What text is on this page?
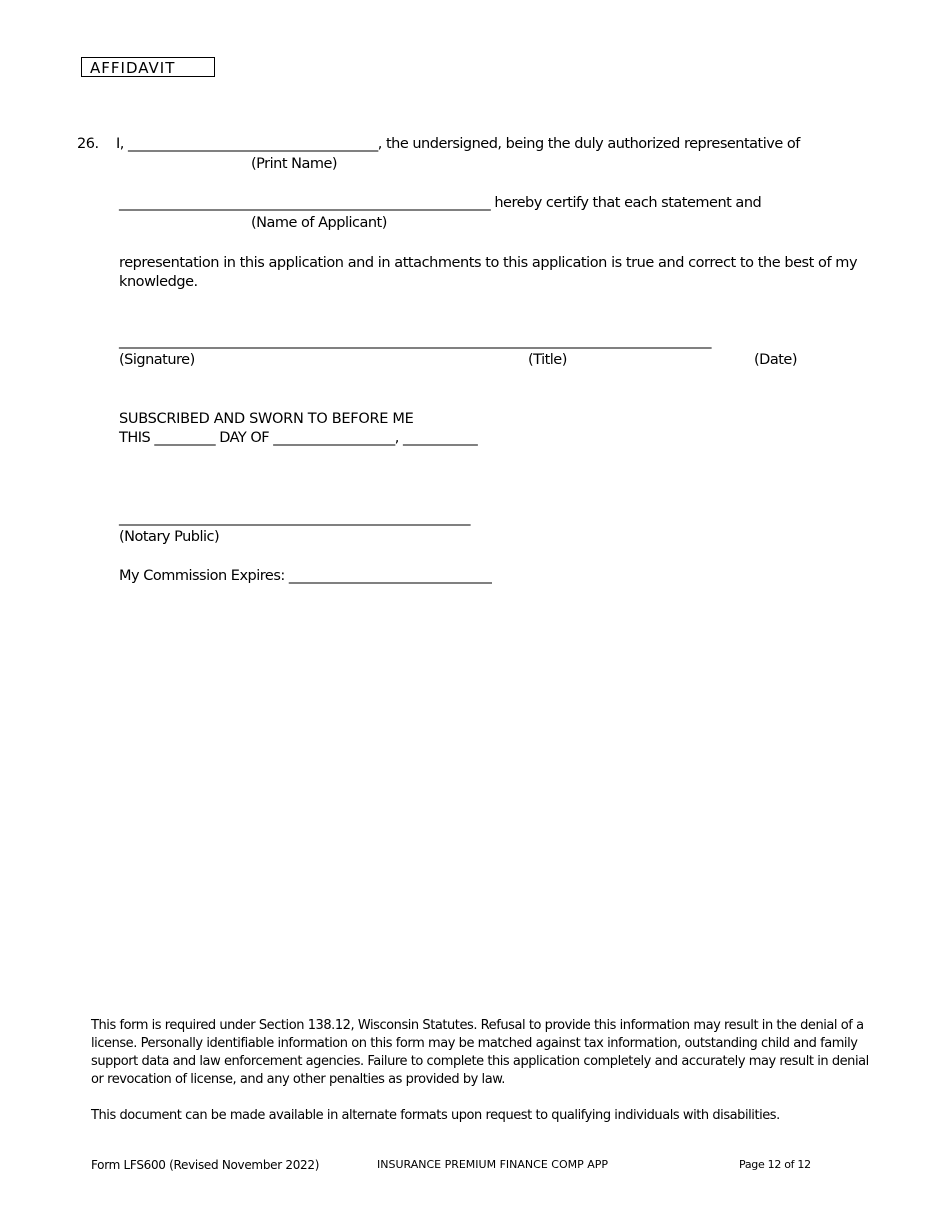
AFFIDAVIT
26. I, _____________________________________, the undersigned, being the duly authorized representative of
(Print Name)
_______________________________________________________ hereby certify that each statement and
(Name of Applicant)
representation in this application and in attachments to this application is true and correct to the best of my knowledge.
_________________________________________________________________________________________
(Signature)	(Title)	(Date)
SUBSCRIBED AND SWORN TO BEFORE ME
THIS _________ DAY OF __________________, ___________
____________________________________________________
(Notary Public)
My Commission Expires: ______________________________
This form is required under Section 138.12, Wisconsin Statutes. Refusal to provide this information may result in the denial of a license. Personally identifiable information on this form may be matched against tax information, outstanding child and family support data and law enforcement agencies. Failure to complete this application completely and accurately may result in denial or revocation of license, and any other penalties as provided by law.
This document can be made available in alternate formats upon request to qualifying individuals with disabilities.
Form LFS600 (Revised November 2022)	INSURANCE PREMIUM FINANCE COMP APP	Page 12 of 12
